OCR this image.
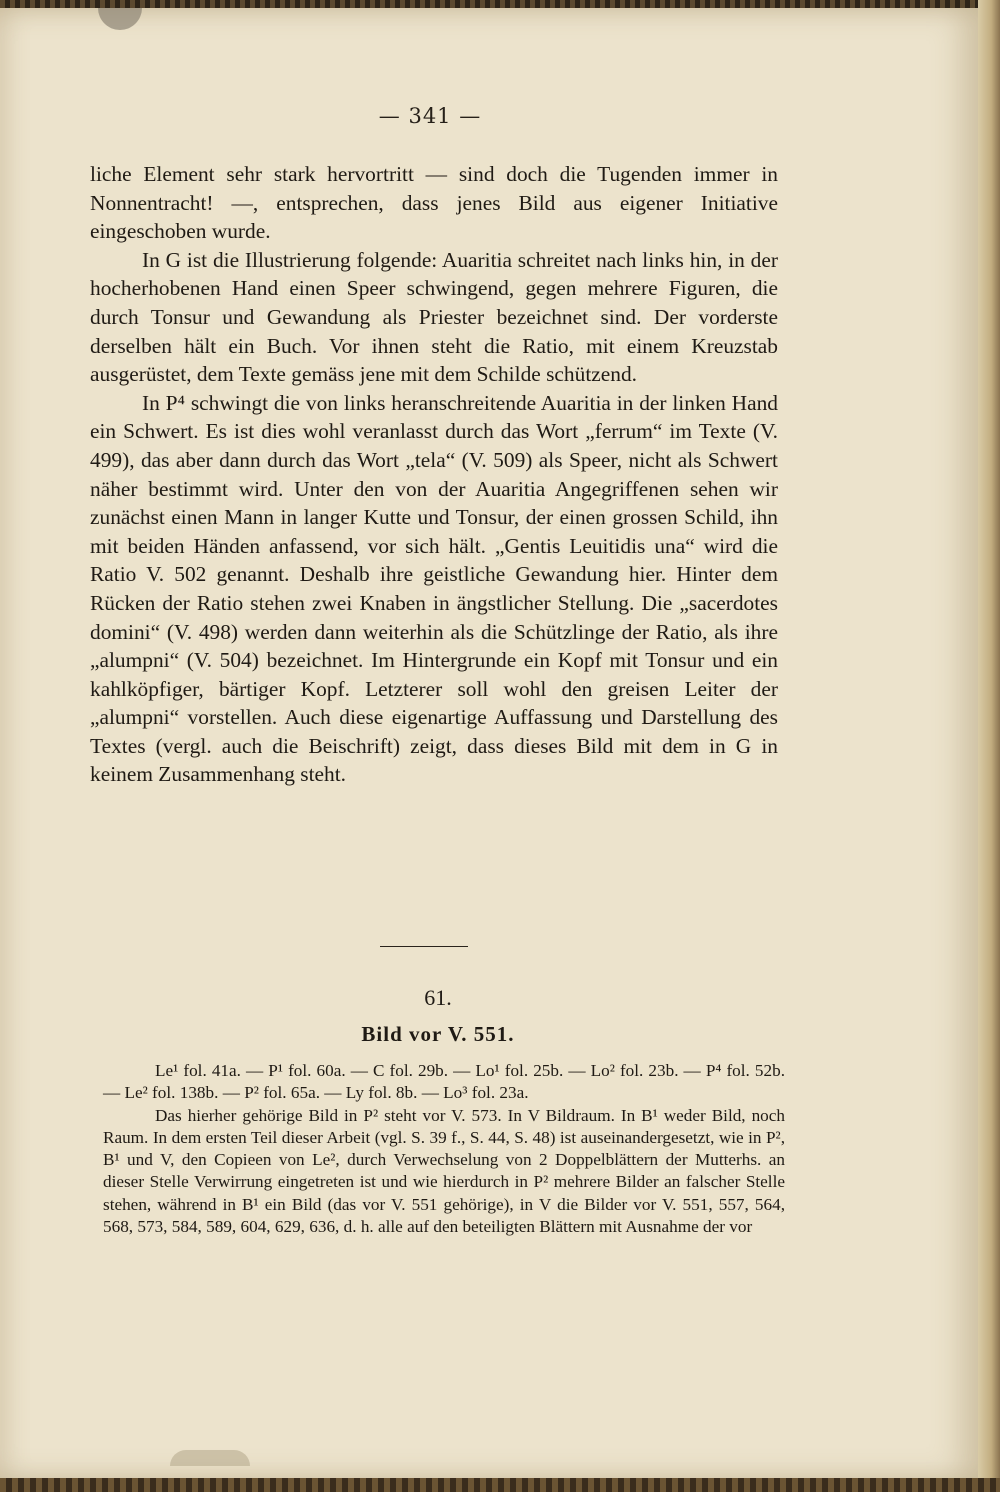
— 341 —

liche Element sehr stark hervortritt — sind doch die Tugenden immer in Nonnentracht! —, entsprechen, dass jenes Bild aus eigener Initiative eingeschoben wurde.

In G ist die Illustrierung folgende: Auaritia schreitet nach links hin, in der hocherhobenen Hand einen Speer schwingend, gegen mehrere Figuren, die durch Tonsur und Gewandung als Priester bezeichnet sind. Der vorderste derselben hält ein Buch. Vor ihnen steht die Ratio, mit einem Kreuzstab ausgerüstet, dem Texte gemäss jene mit dem Schilde schützend.

In P⁴ schwingt die von links heranschreitende Auaritia in der linken Hand ein Schwert. Es ist dies wohl veranlasst durch das Wort „ferrum“ im Texte (V. 499), das aber dann durch das Wort „tela“ (V. 509) als Speer, nicht als Schwert näher bestimmt wird. Unter den von der Auaritia Angegriffenen sehen wir zunächst einen Mann in langer Kutte und Tonsur, der einen grossen Schild, ihn mit beiden Händen anfassend, vor sich hält. „Gentis Leuitidis una“ wird die Ratio V. 502 genannt. Deshalb ihre geistliche Gewandung hier. Hinter dem Rücken der Ratio stehen zwei Knaben in ängstlicher Stellung. Die „sacerdotes domini“ (V. 498) werden dann weiterhin als die Schützlinge der Ratio, als ihre „alumpni“ (V. 504) bezeichnet. Im Hintergrunde ein Kopf mit Tonsur und ein kahlköpfiger, bärtiger Kopf. Letzterer soll wohl den greisen Leiter der „alumpni“ vorstellen. Auch diese eigenartige Auffassung und Darstellung des Textes (vergl. auch die Beischrift) zeigt, dass dieses Bild mit dem in G in keinem Zusammenhang steht.

61.
Bild vor V. 551.

Le¹ fol. 41a. — P¹ fol. 60a. — C fol. 29b. — Lo¹ fol. 25b. — Lo² fol. 23b. — P⁴ fol. 52b. — Le² fol. 138b. — P² fol. 65a. — Ly fol. 8b. — Lo³ fol. 23a.

Das hierher gehörige Bild in P² steht vor V. 573. In V Bildraum. In B¹ weder Bild, noch Raum. In dem ersten Teil dieser Arbeit (vgl. S. 39 f., S. 44, S. 48) ist auseinandergesetzt, wie in P², B¹ und V, den Copieen von Le², durch Verwechselung von 2 Doppelblättern der Mutterhs. an dieser Stelle Verwirrung eingetreten ist und wie hierdurch in P² mehrere Bilder an falscher Stelle stehen, während in B¹ ein Bild (das vor V. 551 gehörige), in V die Bilder vor V. 551, 557, 564, 568, 573, 584, 589, 604, 629, 636, d. h. alle auf den beteiligten Blättern mit Ausnahme der vor
